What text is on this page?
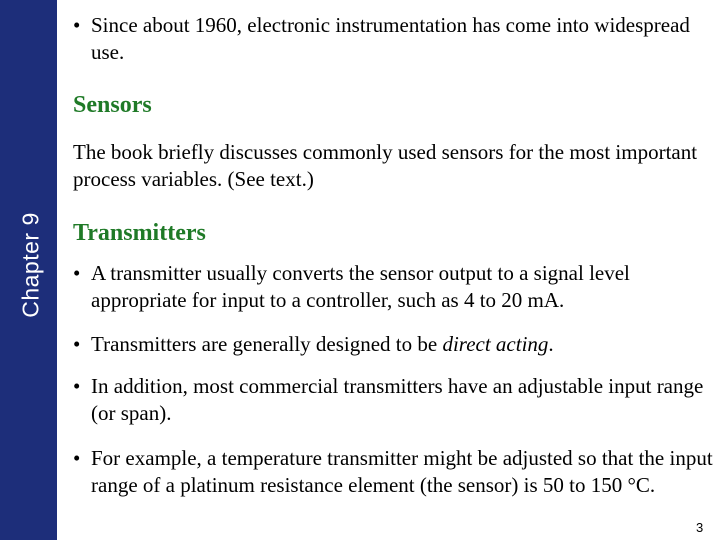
Chapter 9
• Since about 1960, electronic instrumentation has come into widespread use.
Sensors
The book briefly discusses commonly used sensors for the most important process variables. (See text.)
Transmitters
• A transmitter usually converts the sensor output to a signal level appropriate for input to a controller, such as 4 to 20 mA.
• Transmitters are generally designed to be direct acting.
• In addition, most commercial transmitters have an adjustable input range (or span).
• For example, a temperature transmitter might be adjusted so that the input range of a platinum resistance element (the sensor) is 50 to 150 °C.
3
